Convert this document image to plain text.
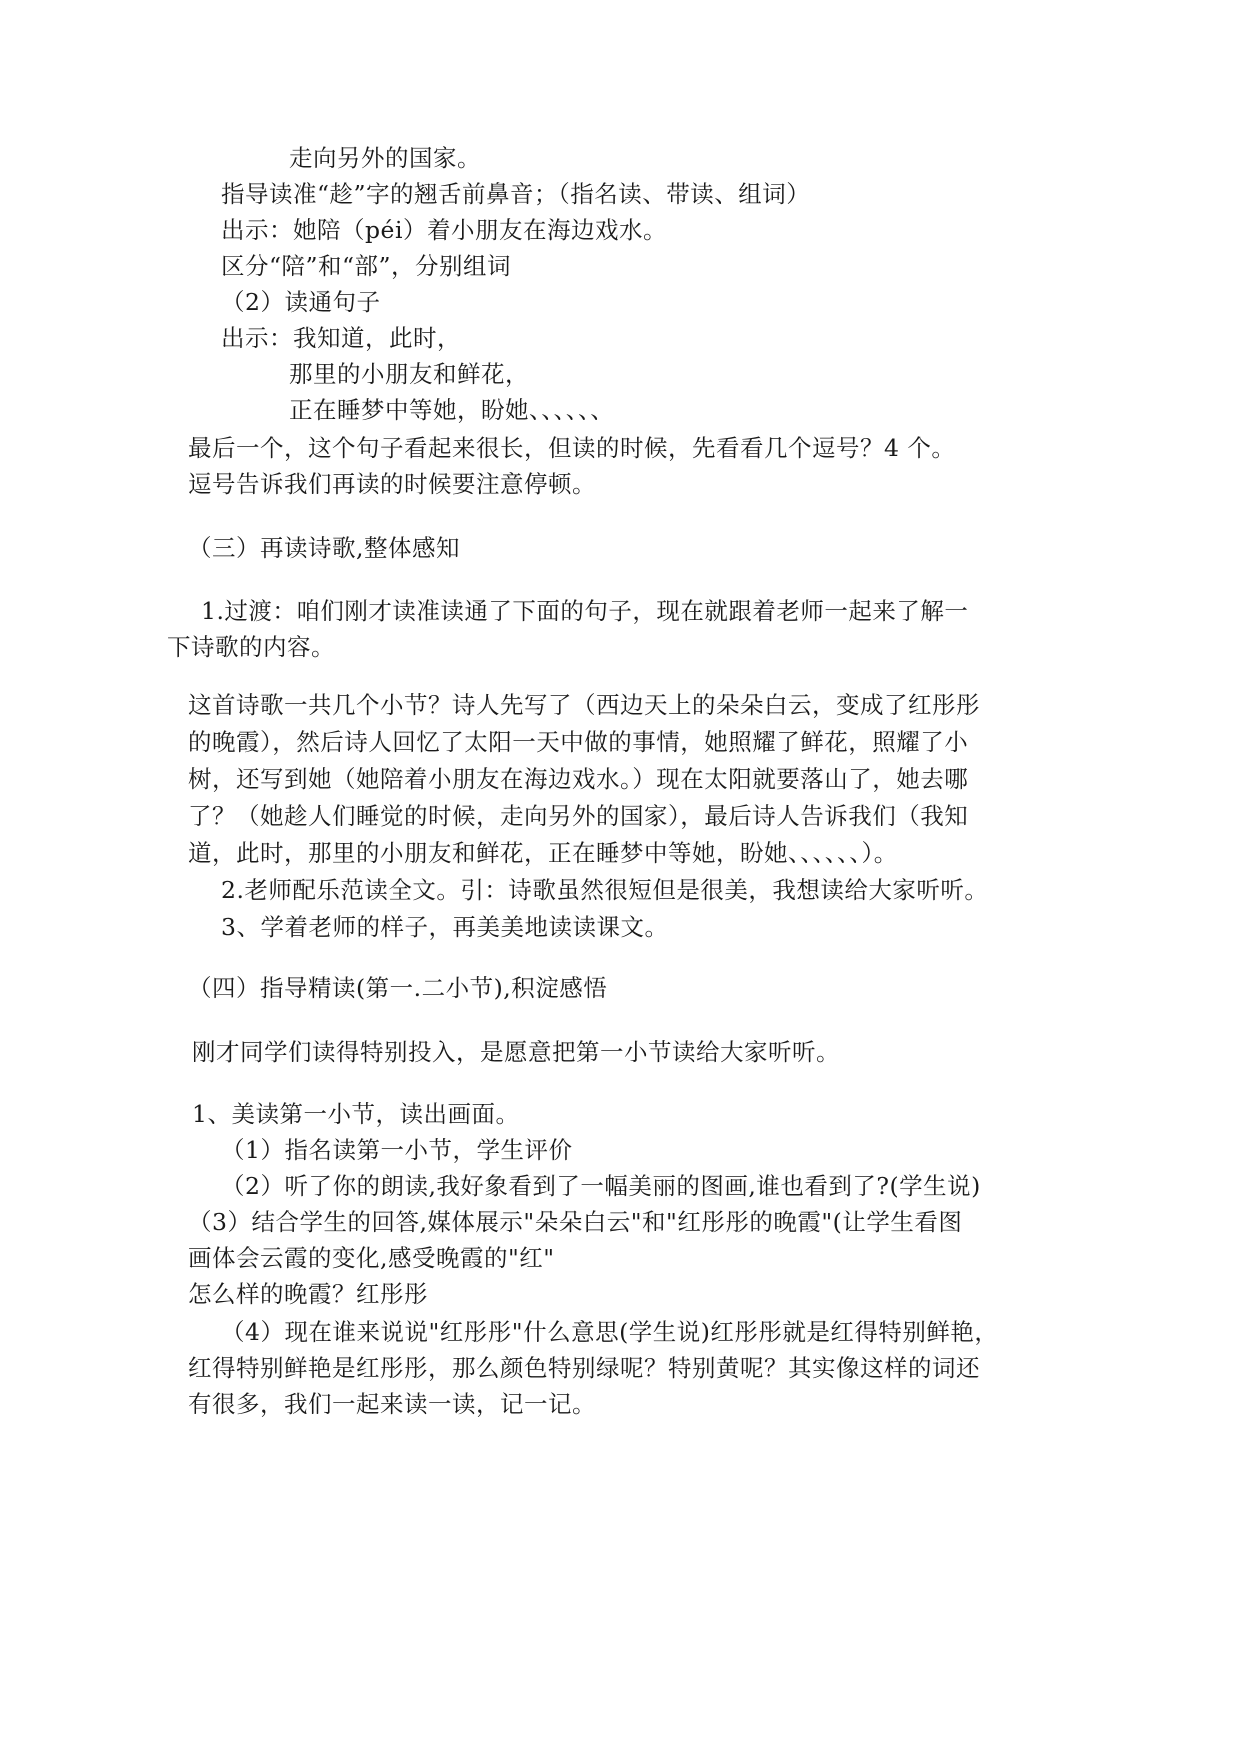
走向另外的国家。
指导读准“趁”字的翘舌前鼻音；（指名读、带读、组词）
出示：她陪（péi）着小朋友在海边戏水。
区分“陪”和“部”，分别组词
（2）读通句子
出示：我知道，此时，
那里的小朋友和鲜花，
正在睡梦中等她，盼她、、、、、、
最后一个，这个句子看起来很长，但读的时候，先看看几个逗号？4 个。
逗号告诉我们再读的时候要注意停顿。
（三）再读诗歌,整体感知
1.过渡：咱们刚才读准读通了下面的句子，现在就跟着老师一起来了解一
下诗歌的内容。
这首诗歌一共几个小节？诗人先写了（西边天上的朵朵白云，变成了红彤彤
的晚霞），然后诗人回忆了太阳一天中做的事情，她照耀了鲜花，照耀了小
树，还写到她（她陪着小朋友在海边戏水。）现在太阳就要落山了，她去哪
了？（她趁人们睡觉的时候，走向另外的国家），最后诗人告诉我们（我知
道，此时，那里的小朋友和鲜花，正在睡梦中等她，盼她、、、、、、）。
2.老师配乐范读全文。引：诗歌虽然很短但是很美，我想读给大家听听。
3、学着老师的样子，再美美地读读课文。
（四）指导精读(第一.二小节),积淀感悟
刚才同学们读得特别投入，是愿意把第一小节读给大家听听。
1、美读第一小节，读出画面。
（1）指名读第一小节，学生评价
（2）听了你的朗读,我好象看到了一幅美丽的图画,谁也看到了?(学生说)
（3）结合学生的回答,媒体展示"朵朵白云"和"红彤彤的晚霞"(让学生看图
画体会云霞的变化,感受晚霞的"红"
怎么样的晚霞？红彤彤
（4）现在谁来说说"红彤彤"什么意思(学生说)红彤彤就是红得特别鲜艳，
红得特别鲜艳是红彤彤，那么颜色特别绿呢？特别黄呢？其实像这样的词还
有很多，我们一起来读一读，记一记。
